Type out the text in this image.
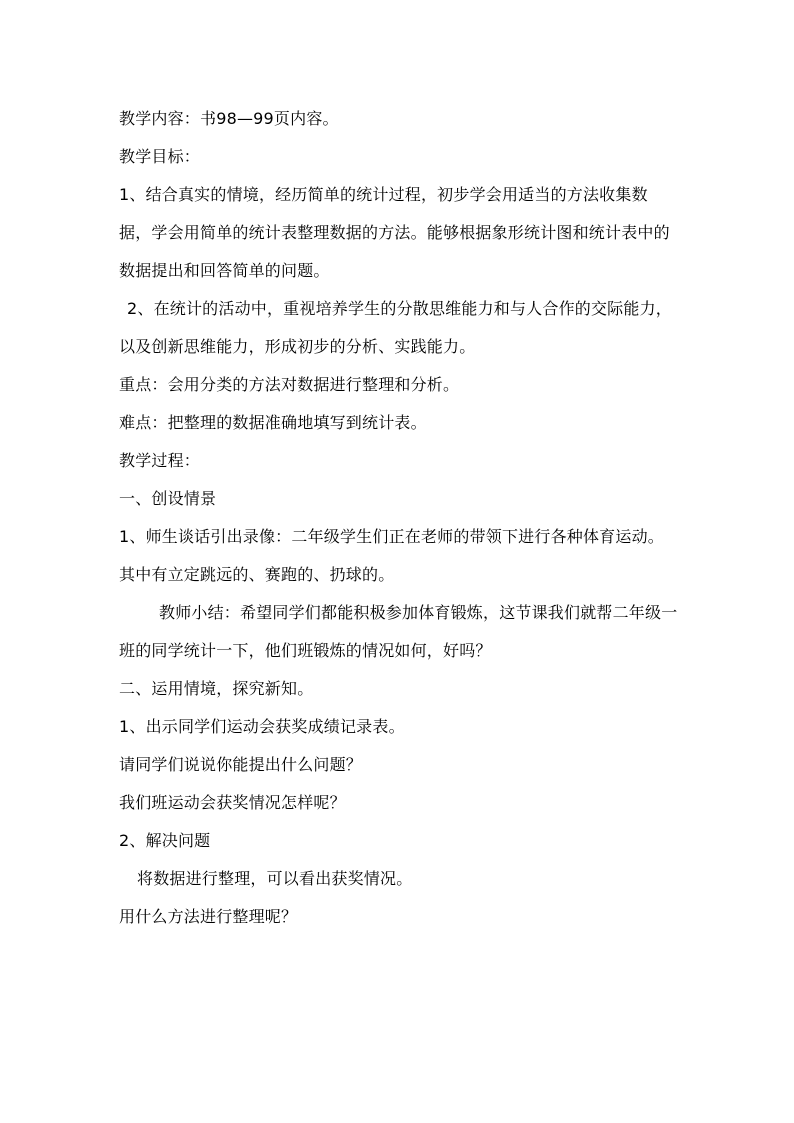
教学内容：书98—99页内容。

教学目标：

1、结合真实的情境，经历简单的统计过程，初步学会用适当的方法收集数据，学会用简单的统计表整理数据的方法。能够根据象形统计图和统计表中的数据提出和回答简单的问题。

2、在统计的活动中，重视培养学生的分散思维能力和与人合作的交际能力，以及创新思维能力，形成初步的分析、实践能力。

重点：会用分类的方法对数据进行整理和分析。

难点：把整理的数据准确地填写到统计表。

教学过程：

一、创设情景

1、师生谈话引出录像：二年级学生们正在老师的带领下进行各种体育运动。其中有立定跳远的、赛跑的、扔球的。

教师小结：希望同学们都能积极参加体育锻炼，这节课我们就帮二年级一班的同学统计一下，他们班锻炼的情况如何，好吗？

二、运用情境，探究新知。

1、出示同学们运动会获奖成绩记录表。

请同学们说说你能提出什么问题？

我们班运动会获奖情况怎样呢？

2、解决问题

将数据进行整理，可以看出获奖情况。

用什么方法进行整理呢？
